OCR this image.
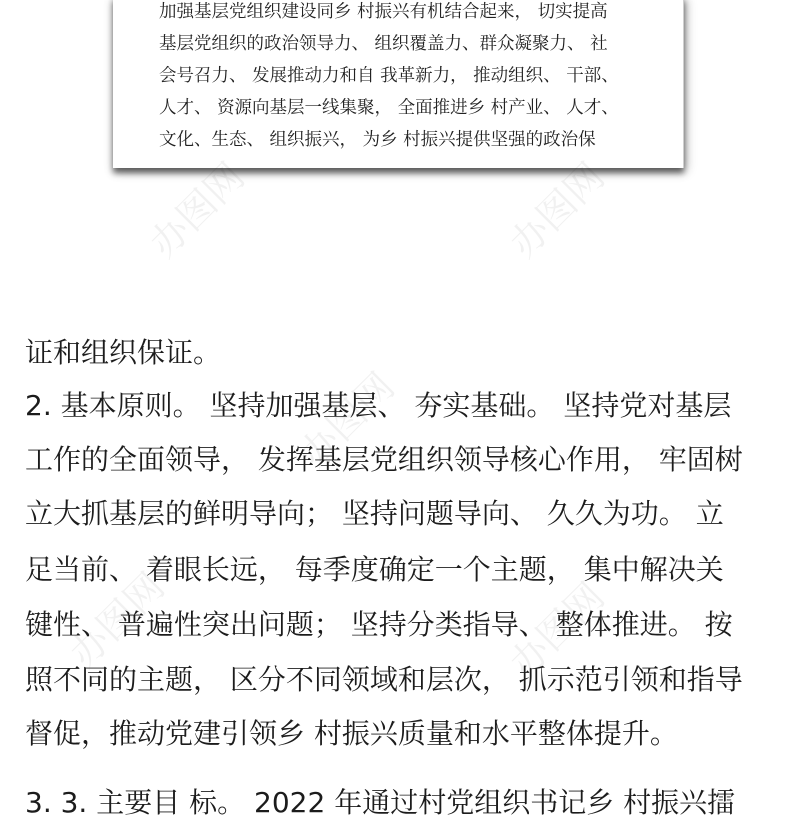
加强基层党组织建设同乡 村振兴有机结合起来， 切实提高
基层党组织的政治领导力、 组织覆盖力、群众凝聚力、 社
会号召力、 发展推动力和自 我革新力， 推动组织、 干部、
人才、 资源向基层一线集聚， 全面推进乡 村产业、 人才、
文化、生态、 组织振兴， 为乡 村振兴提供坚强的政治保
办图网	办图网
办图网
办图网	办图网
证和组织保证。
2. 基本原则。 坚持加强基层、 夯实基础。 坚持党对基层
工作的全面领导， 发挥基层党组织领导核心作用， 牢固树
立大抓基层的鲜明导向； 坚持问题导向、 久久为功。 立
足当前、 着眼长远， 每季度确定一个主题， 集中解决关
键性、 普遍性突出问题； 坚持分类指导、 整体推进。 按
照不同的主题， 区分不同领域和层次， 抓示范引领和指导
督促，推动党建引领乡 村振兴质量和水平整体提升。
3. 3. 主要目 标。 2022 年通过村党组织书记乡 村振兴擂
